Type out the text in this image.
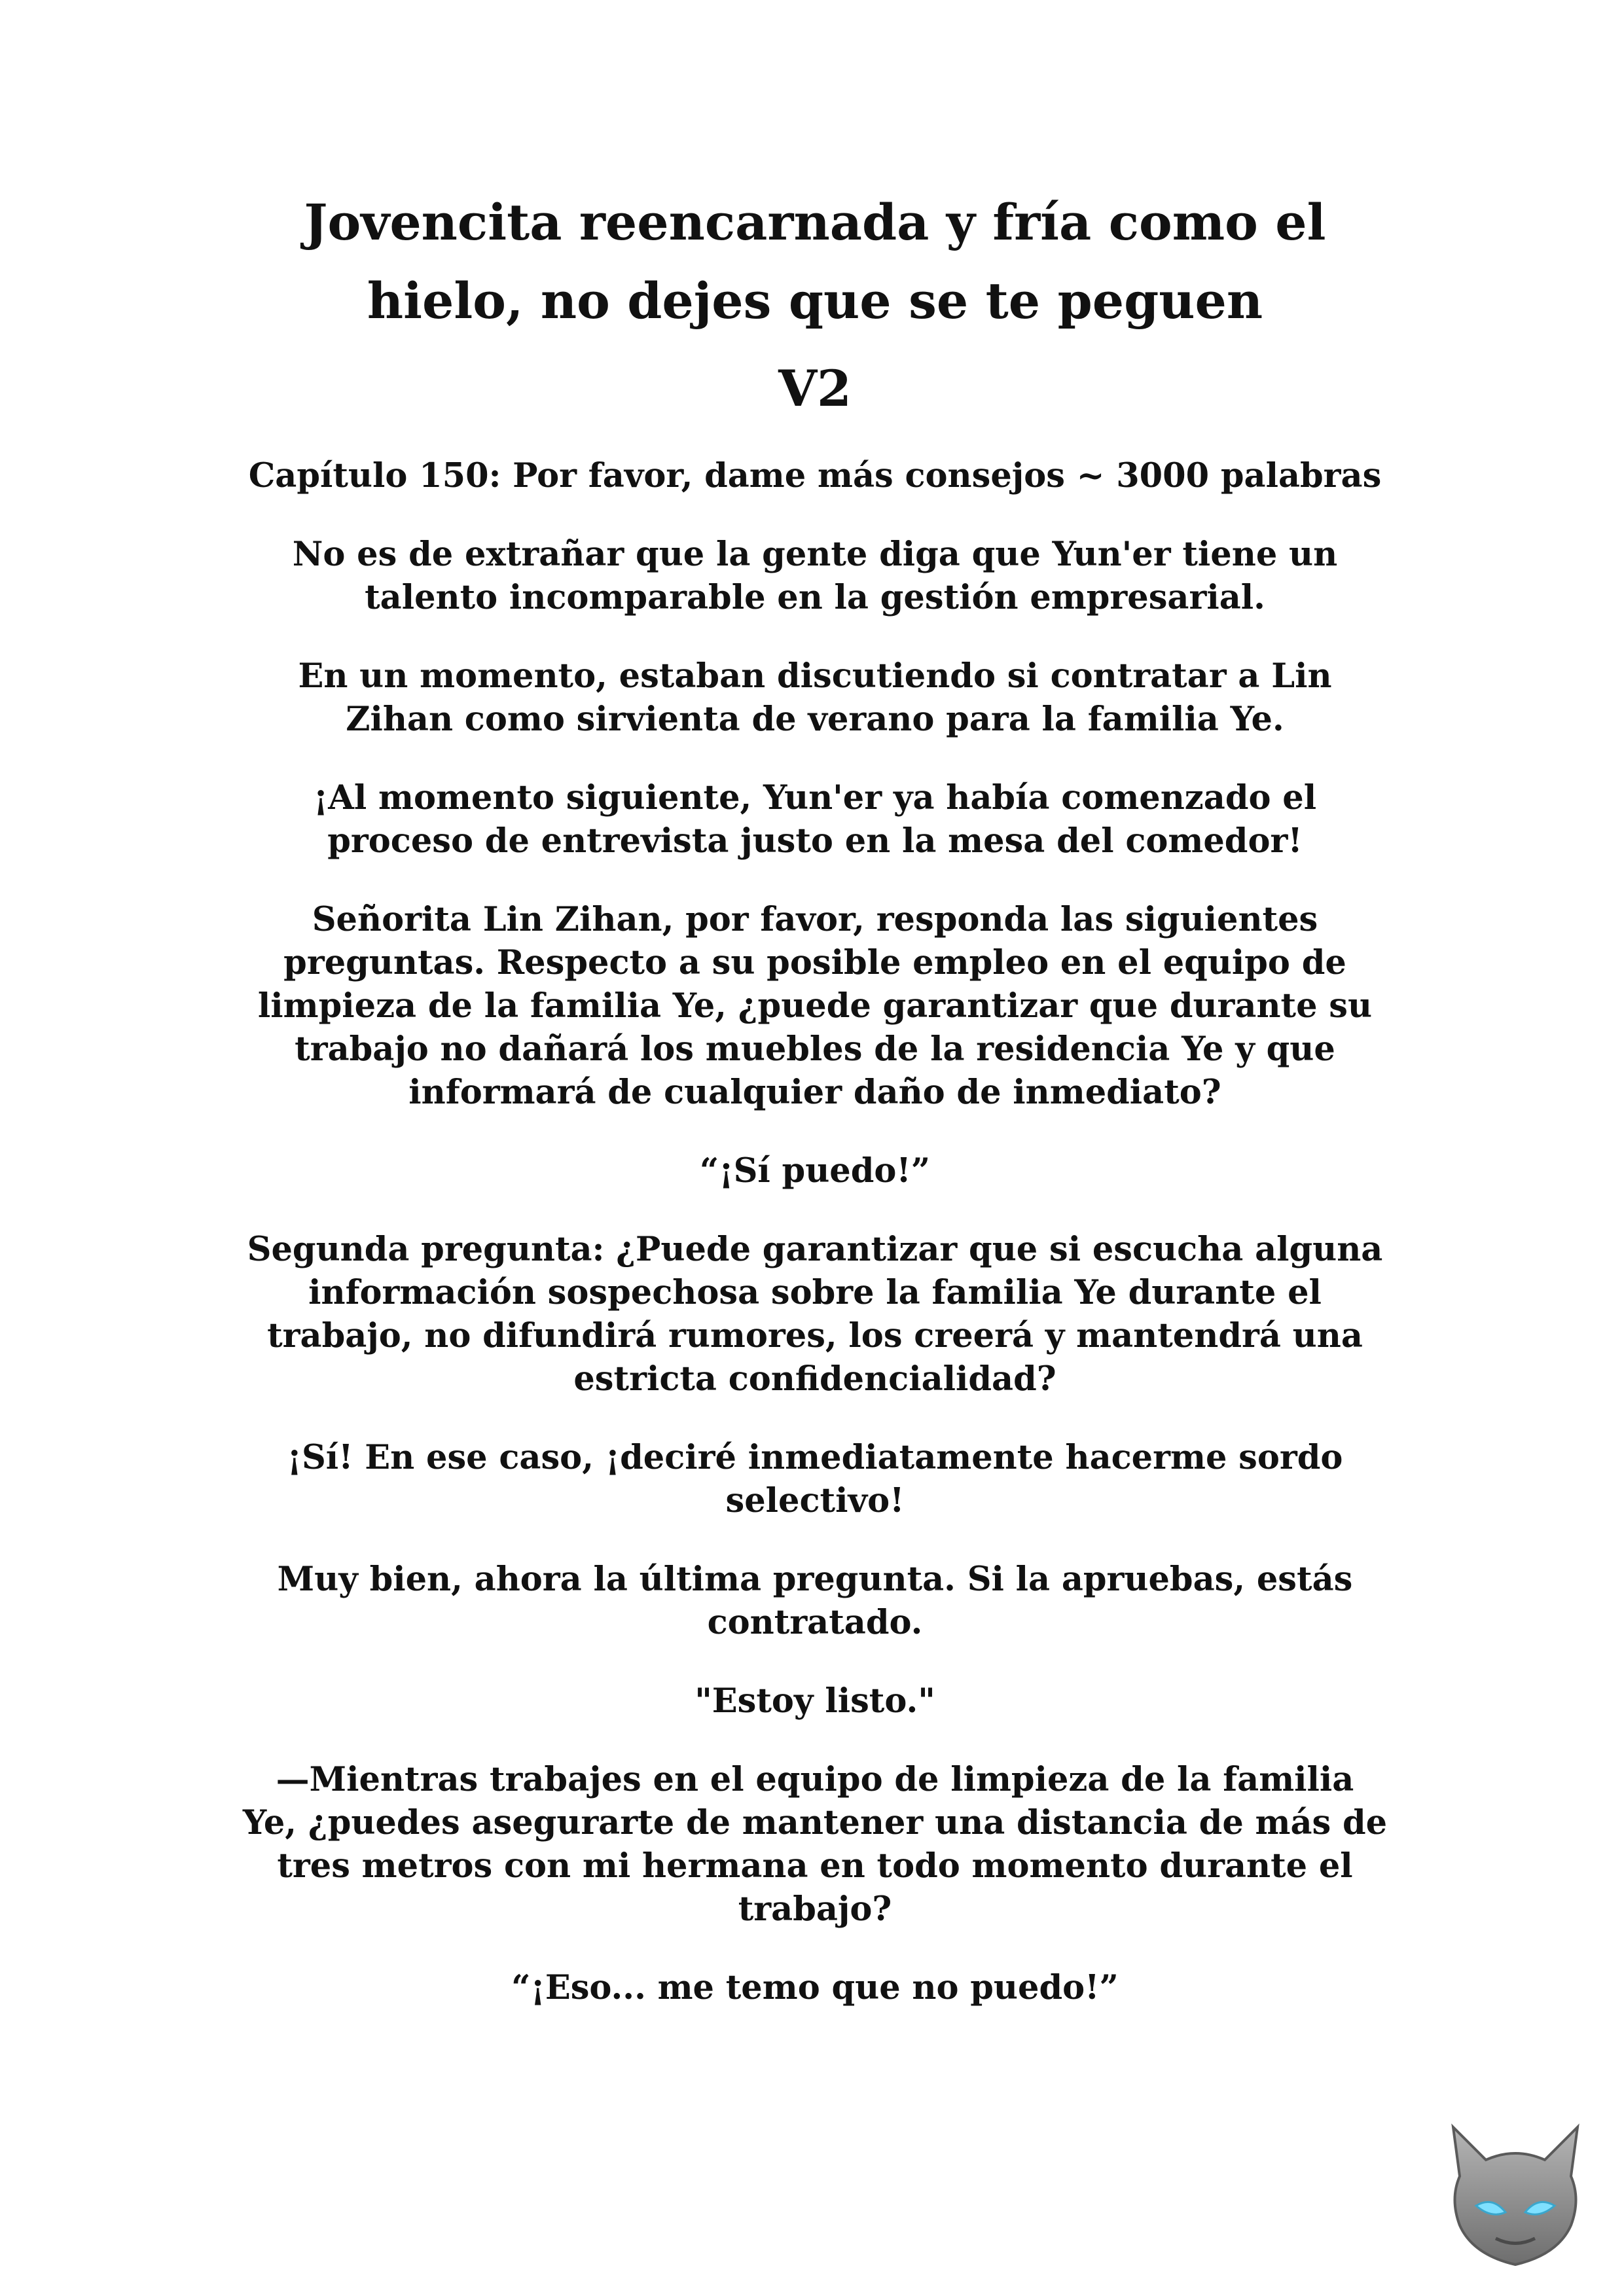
Jovencita reencarnada y fría como el
hielo, no dejes que se te peguen
V2
Capítulo 150: Por favor, dame más consejos ~ 3000 palabras

No es de extrañar que la gente diga que Yun'er tiene un
talento incomparable en la gestión empresarial.

En un momento, estaban discutiendo si contratar a Lin
Zihan como sirvienta de verano para la familia Ye.

¡Al momento siguiente, Yun'er ya había comenzado el
proceso de entrevista justo en la mesa del comedor!

Señorita Lin Zihan, por favor, responda las siguientes
preguntas. Respecto a su posible empleo en el equipo de
limpieza de la familia Ye, ¿puede garantizar que durante su
trabajo no dañará los muebles de la residencia Ye y que
informará de cualquier daño de inmediato?

“¡Sí puedo!”

Segunda pregunta: ¿Puede garantizar que si escucha alguna
información sospechosa sobre la familia Ye durante el
trabajo, no difundirá rumores, los creerá y mantendrá una
estricta confidencialidad?

¡Sí! En ese caso, ¡deciré inmediatamente hacerme sordo
selectivo!

Muy bien, ahora la última pregunta. Si la apruebas, estás
contratado.

"Estoy listo."

—Mientras trabajes en el equipo de limpieza de la familia
Ye, ¿puedes asegurarte de mantener una distancia de más de
tres metros con mi hermana en todo momento durante el
trabajo?

“¡Eso... me temo que no puedo!”
